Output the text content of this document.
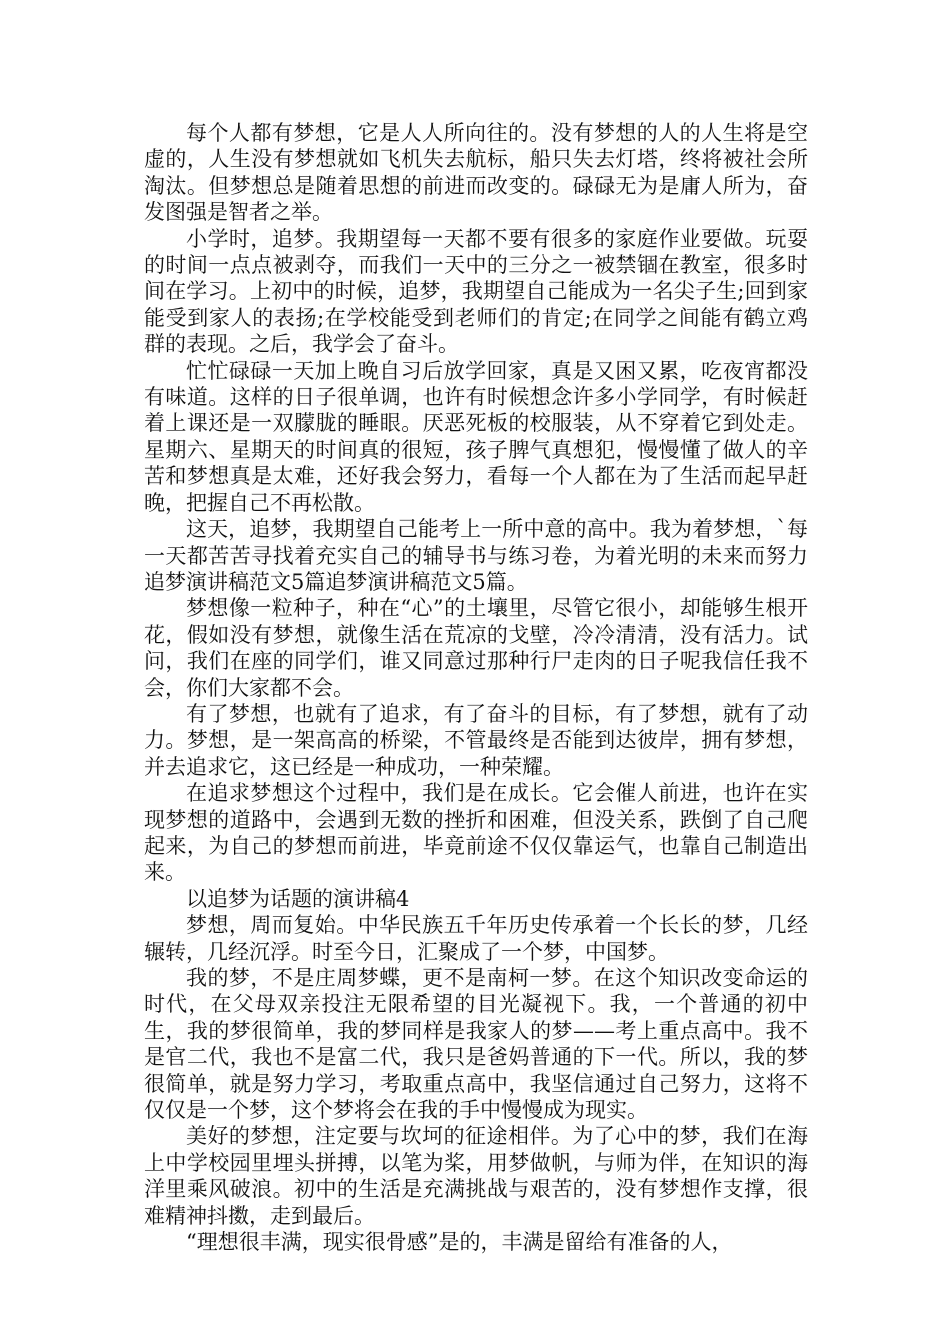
每个人都有梦想，它是人人所向往的。没有梦想的人的人生将是空虚的，人生没有梦想就如飞机失去航标，船只失去灯塔，终将被社会所淘汰。但梦想总是随着思想的前进而改变的。碌碌无为是庸人所为，奋发图强是智者之举。

小学时，追梦。我期望每一天都不要有很多的家庭作业要做。玩耍的时间一点点被剥夺，而我们一天中的三分之一被禁锢在教室，很多时间在学习。上初中的时候，追梦，我期望自己能成为一名尖子生;回到家能受到家人的表扬;在学校能受到老师们的肯定;在同学之间能有鹤立鸡群的表现。之后，我学会了奋斗。

忙忙碌碌一天加上晚自习后放学回家，真是又困又累，吃夜宵都没有味道。这样的日子很单调，也许有时候想念许多小学同学，有时候赶着上课还是一双朦胧的睡眼。厌恶死板的校服装，从不穿着它到处走。星期六、星期天的时间真的很短，孩子脾气真想犯，慢慢懂了做人的辛苦和梦想真是太难，还好我会努力，看每一个人都在为了生活而起早赶晚，把握自己不再松散。

这天，追梦，我期望自己能考上一所中意的高中。我为着梦想，`每一天都苦苦寻找着充实自己的辅导书与练习卷，为着光明的未来而努力追梦演讲稿范文5篇追梦演讲稿范文5篇。

梦想像一粒种子，种在“心”的土壤里，尽管它很小，却能够生根开花，假如没有梦想，就像生活在荒凉的戈壁，冷冷清清，没有活力。试问，我们在座的同学们，谁又同意过那种行尸走肉的日子呢我信任我不会，你们大家都不会。

有了梦想，也就有了追求，有了奋斗的目标，有了梦想，就有了动力。梦想，是一架高高的桥梁，不管最终是否能到达彼岸，拥有梦想，并去追求它，这已经是一种成功，一种荣耀。

在追求梦想这个过程中，我们是在成长。它会催人前进，也许在实现梦想的道路中，会遇到无数的挫折和困难，但没关系，跌倒了自己爬起来，为自己的梦想而前进，毕竟前途不仅仅靠运气，也靠自己制造出来。

以追梦为话题的演讲稿4

梦想，周而复始。中华民族五千年历史传承着一个长长的梦，几经辗转，几经沉浮。时至今日，汇聚成了一个梦，中国梦。

我的梦，不是庄周梦蝶，更不是南柯一梦。在这个知识改变命运的时代，在父母双亲投注无限希望的目光凝视下。我，一个普通的初中生，我的梦很简单，我的梦同样是我家人的梦——考上重点高中。我不是官二代，我也不是富二代，我只是爸妈普通的下一代。所以，我的梦很简单，就是努力学习，考取重点高中，我坚信通过自己努力，这将不仅仅是一个梦，这个梦将会在我的手中慢慢成为现实。

美好的梦想，注定要与坎坷的征途相伴。为了心中的梦，我们在海上中学校园里埋头拼搏，以笔为桨，用梦做帆，与师为伴，在知识的海洋里乘风破浪。初中的生活是充满挑战与艰苦的，没有梦想作支撑，很难精神抖擞，走到最后。

“理想很丰满，现实很骨感”是的，丰满是留给有准备的人，
